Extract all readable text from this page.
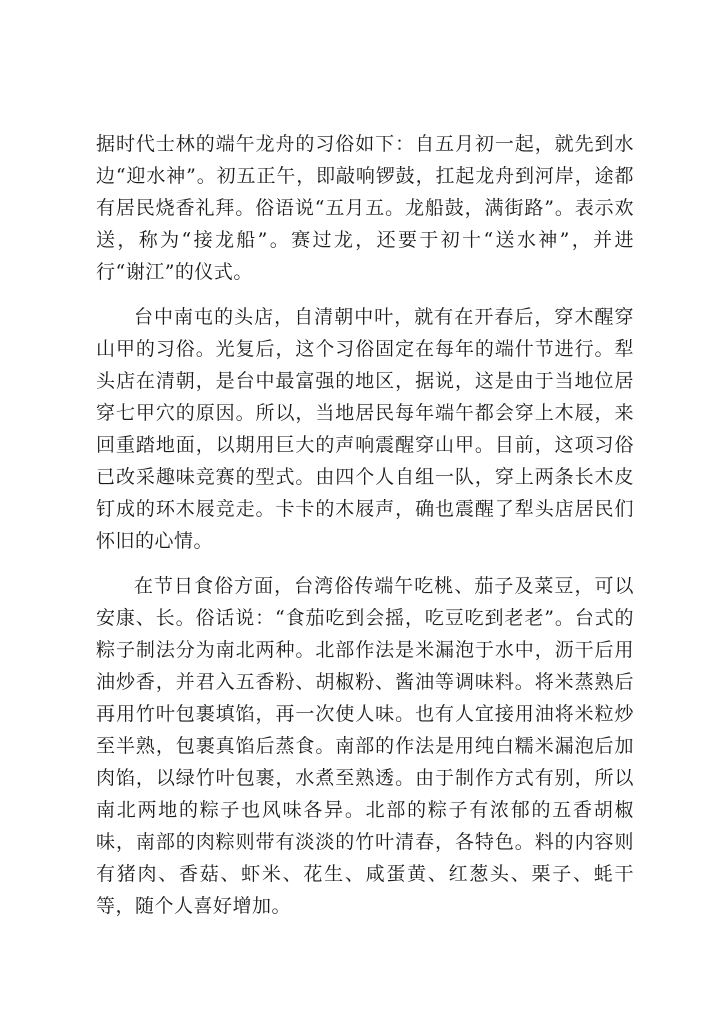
据时代士林的端午龙舟的习俗如下：自五月初一起，就先到水边“迎水神”。初五正午，即敲响锣鼓，扛起龙舟到河岸，途都有居民烧香礼拜。俗语说“五月五。龙船鼓，满街路”。表示欢送，称为“接龙船”。赛过龙，还要于初十“送水神”，并进行“谢江”的仪式。

台中南屯的头店，自清朝中叶，就有在开春后，穿木醒穿山甲的习俗。光复后，这个习俗固定在每年的端什节进行。犁头店在清朝，是台中最富强的地区，据说，这是由于当地位居穿七甲穴的原因。所以，当地居民每年端午都会穿上木屐，来回重踏地面，以期用巨大的声响震醒穿山甲。目前，这项习俗已改采趣味竞赛的型式。由四个人自组一队，穿上两条长木皮钉成的环木屐竞走。卡卡的木屐声，确也震醒了犁头店居民们怀旧的心情。

在节日食俗方面，台湾俗传端午吃桃、茄子及菜豆，可以安康、长。俗话说：“食茄吃到会摇，吃豆吃到老老”。台式的粽子制法分为南北两种。北部作法是米漏泡于水中，沥干后用油炒香，并君入五香粉、胡椒粉、酱油等调味料。将米蒸熟后再用竹叶包裹填馅，再一次使人味。也有人宜接用油将米粒炒至半熟，包裹真馅后蒸食。南部的作法是用纯白糯米漏泡后加肉馅，以绿竹叶包裹，水煮至熟透。由于制作方式有别，所以南北两地的粽子也风味各异。北部的粽子有浓郁的五香胡椒味，南部的肉粽则带有淡淡的竹叶清春，各特色。料的内容则有猪肉、香菇、虾米、花生、咸蛋黄、红葱头、栗子、蚝干等，随个人喜好增加。
